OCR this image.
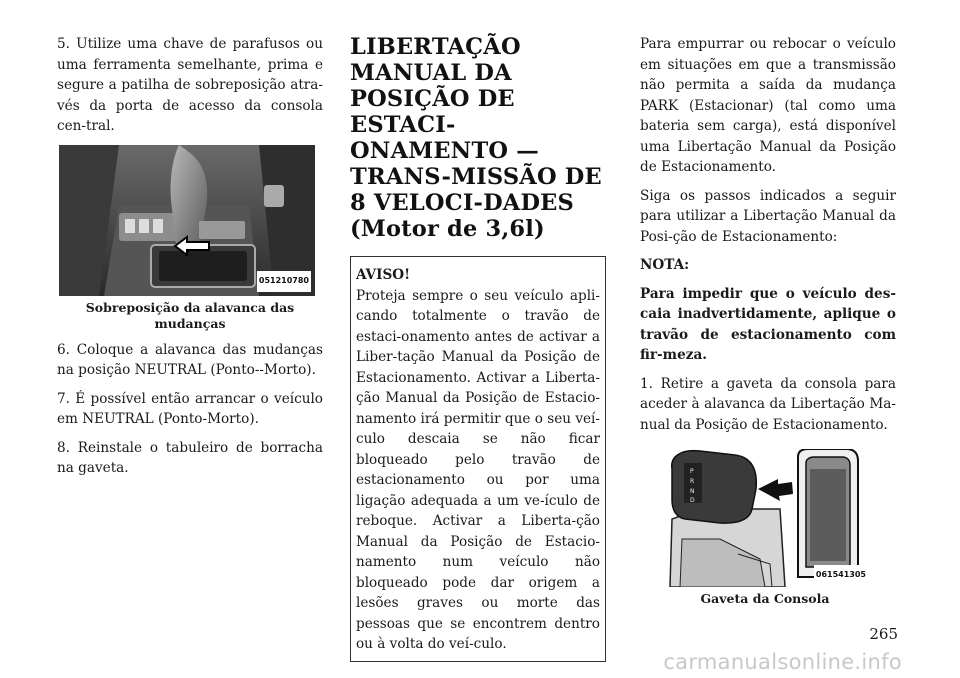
5. Utilize uma chave de parafusos ou uma ferramenta semelhante, prima e segure a patilha de sobreposição atra-vés da porta de acesso da consola cen-tral.

0512107​80
Sobreposição da alavanca das mudanças

6. Coloque a alavanca das mudanças na posição NEUTRAL (Ponto--Morto).

7. É possível então arrancar o veículo em NEUTRAL (Ponto-Morto).

8. Reinstale o tabuleiro de borracha na gaveta.

LIBERTAÇÃO MANUAL DA POSIÇÃO DE ESTACI-ONAMENTO — TRANS-MISSÃO DE 8 VELOCI-DADES (Motor de 3,6l)

AVISO!

Proteja sempre o seu veículo apli-cando totalmente o travão de estaci-onamento antes de activar a Liber-tação Manual da Posição de Estacionamento. Activar a Liberta-ção Manual da Posição de Estacio-namento irá permitir que o seu veí-culo descaia se não ficar bloqueado pelo travão de estacionamento ou por uma ligação adequada a um ve-ículo de reboque. Activar a Liberta-ção Manual da Posição de Estacio-namento num veículo não bloqueado pode dar origem a lesões graves ou morte das pessoas que se encontrem dentro ou à volta do veí-culo.

Para empurrar ou rebocar o veículo em situações em que a transmissão não permita a saída da mudança PARK (Estacionar) (tal como uma bateria sem carga), está disponível uma Libertação Manual da Posição de Estacionamento.

Siga os passos indicados a seguir para utilizar a Libertação Manual da Posi-ção de Estacionamento:

NOTA:

Para impedir que o veículo des-caia inadvertidamente, aplique o travão de estacionamento com fir-meza.

1. Retire a gaveta da consola para aceder à alavanca da Libertação Ma-nual da Posição de Estacionamento.

P
R
N
D
061541305
Gaveta da Consola
265
carmanualsonline.info
